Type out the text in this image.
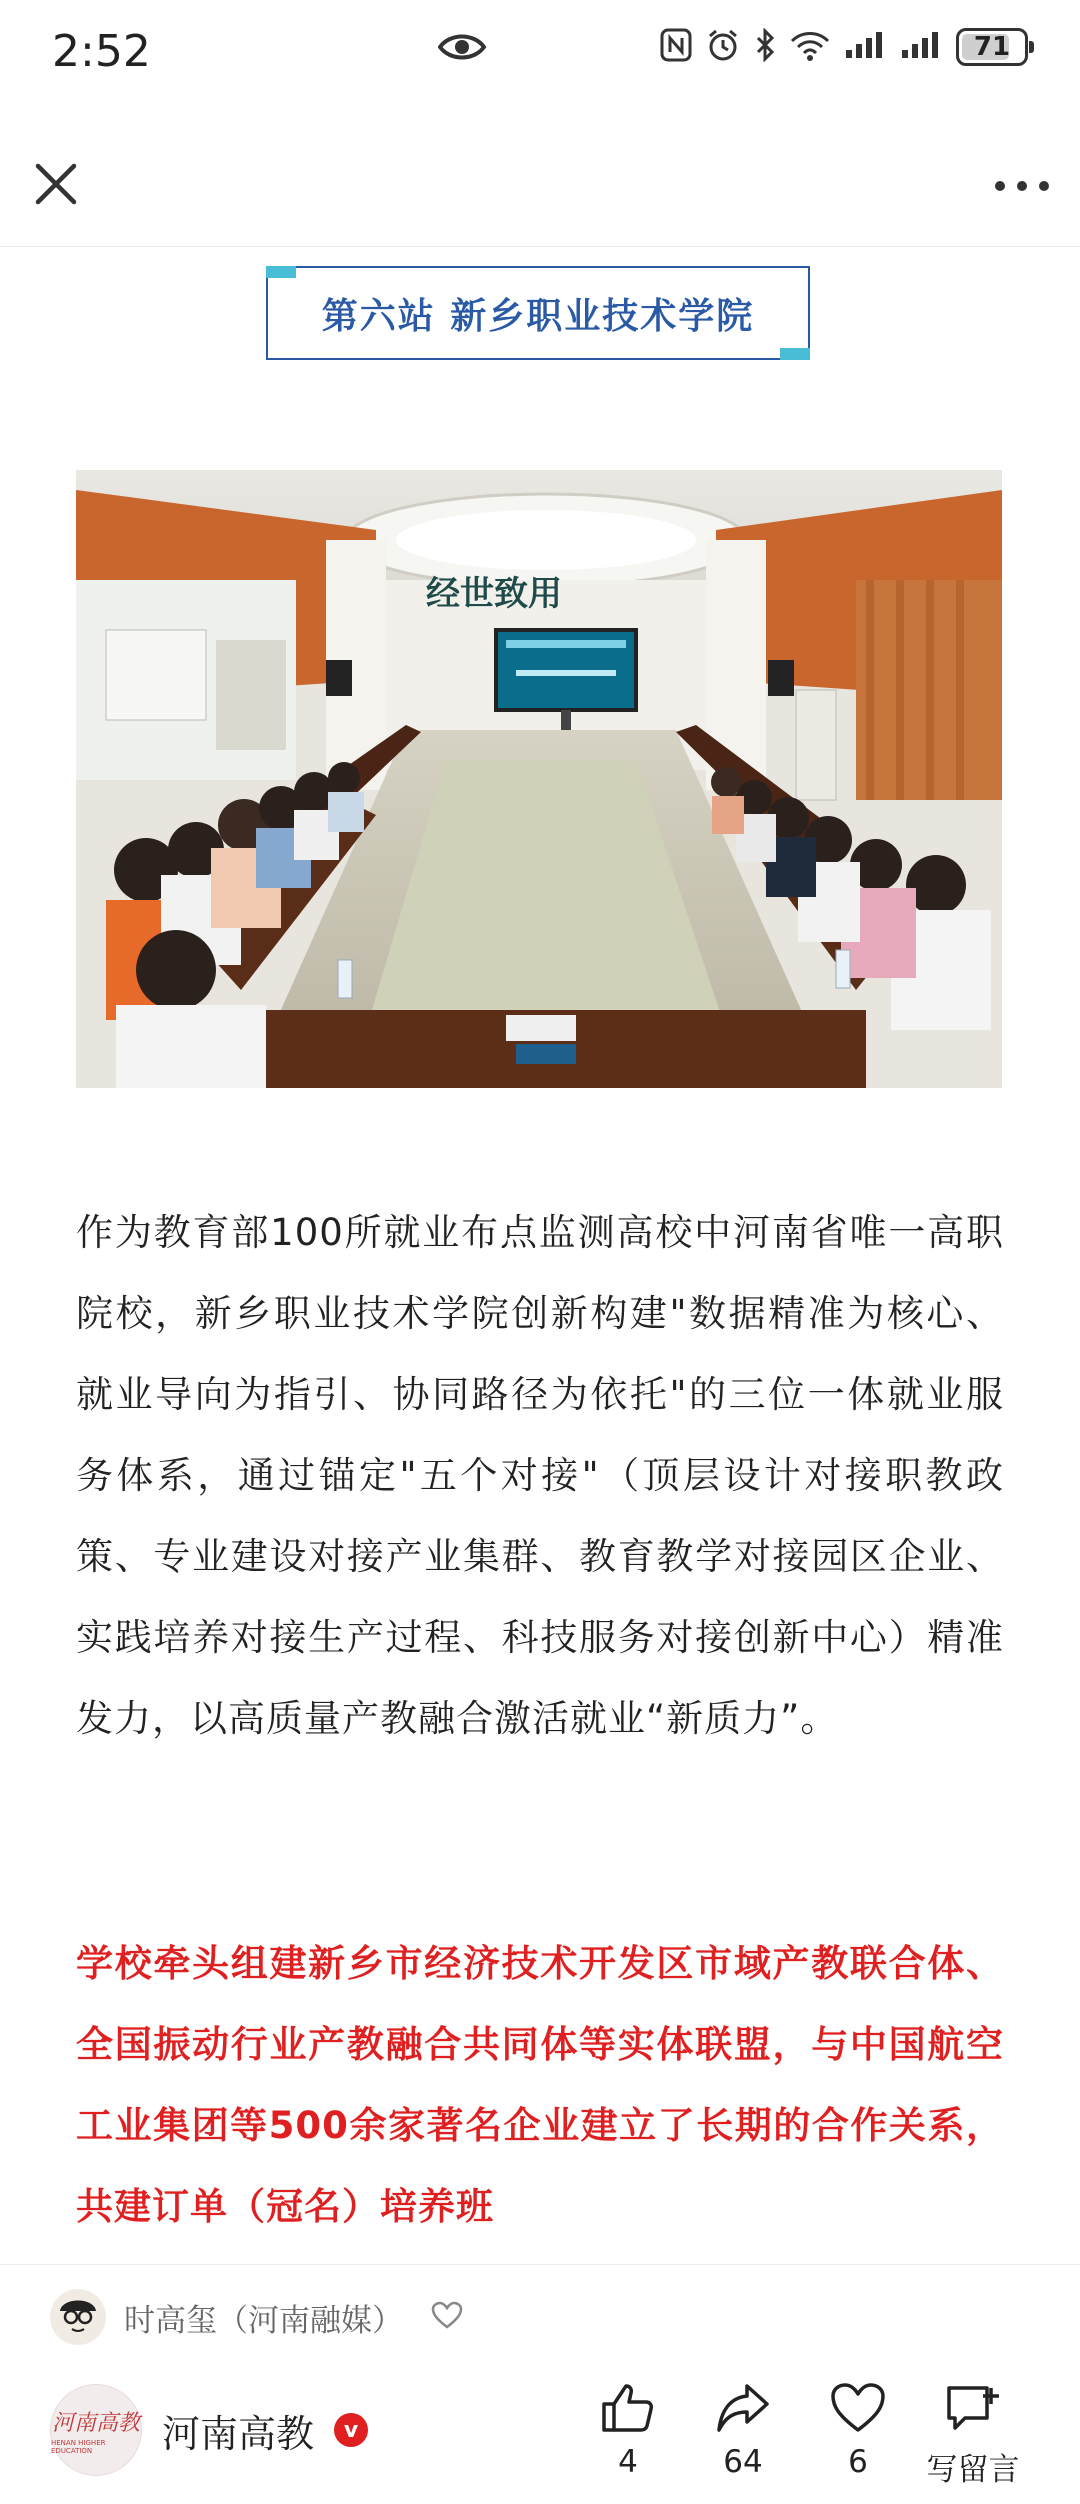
2:52	71
第六站 新乡职业技术学院
经世致用
作为教育部100所就业布点监测高校中河南省唯一高职院校，新乡职业技术学院创新构建"数据精准为核心、就业导向为指引、协同路径为依托"的三位一体就业服务体系，通过锚定"五个对接"（顶层设计对接职教政策、专业建设对接产业集群、教育教学对接园区企业、实践培养对接生产过程、科技服务对接创新中心）精准发力，以高质量产教融合激活就业“新质力”。
学校牵头组建新乡市经济技术开发区市域产教联合体、全国振动行业产教融合共同体等实体联盟，与中国航空工业集团等500余家著名企业建立了长期的合作关系，共建订单（冠名）培养班
时高玺（河南融媒）
河南高教
HENAN HIGHER EDUCATION	河南高教	v
4	64	6 写留言
